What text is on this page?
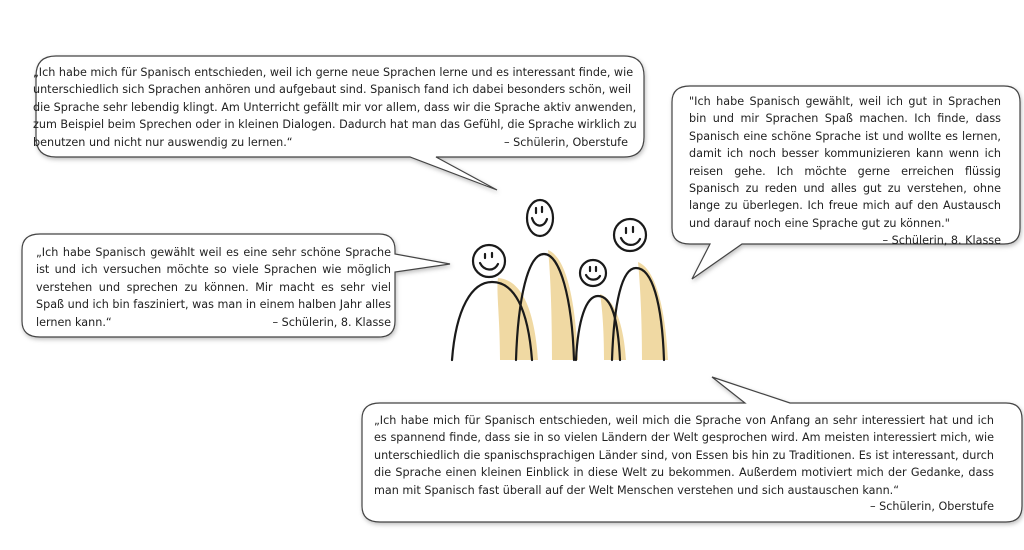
„Ich habe mich für Spanisch entschieden, weil ich gerne neue Sprachen lerne und es interessant finde, wie
unterschiedlich sich Sprachen anhören und aufgebaut sind. Spanisch fand ich dabei besonders schön, weil
die Sprache sehr lebendig klingt. Am Unterricht gefällt mir vor allem, dass wir die Sprache aktiv anwenden,
zum Beispiel beim Sprechen oder in kleinen Dialogen. Dadurch hat man das Gefühl, die Sprache wirklich zu
benutzen und nicht nur auswendig zu lernen.“	– Schülerin, Oberstufe
"Ich habe Spanisch gewählt, weil ich gut in Sprachen bin und mir Sprachen Spaß machen. Ich finde, dass Spanisch eine schöne Sprache ist und wollte es lernen, damit ich noch besser kommunizieren kann wenn ich reisen gehe. Ich möchte gerne erreichen flüssig Spanisch zu reden und alles gut zu verstehen, ohne lange zu überlegen. Ich freue mich auf den Austausch und darauf noch eine Sprache gut zu können."
– Schülerin, 8. Klasse
„Ich habe Spanisch gewählt weil es eine sehr schöne Sprache ist und ich versuchen möchte so viele Sprachen wie möglich verstehen und sprechen zu können. Mir macht es sehr viel Spaß und ich bin fasziniert, was man in einem halben Jahr alles lernen kann.“	– Schülerin, 8. Klasse
„Ich habe mich für Spanisch entschieden, weil mich die Sprache von Anfang an sehr interessiert hat und ich es spannend finde, dass sie in so vielen Ländern der Welt gesprochen wird. Am meisten interessiert mich, wie unterschiedlich die spanischsprachigen Länder sind, von Essen bis hin zu Traditionen. Es ist interessant, durch die Sprache einen kleinen Einblick in diese Welt zu bekommen. Außerdem motiviert mich der Gedanke, dass man mit Spanisch fast überall auf der Welt Menschen verstehen und sich austauschen kann.“
– Schülerin, Oberstufe
